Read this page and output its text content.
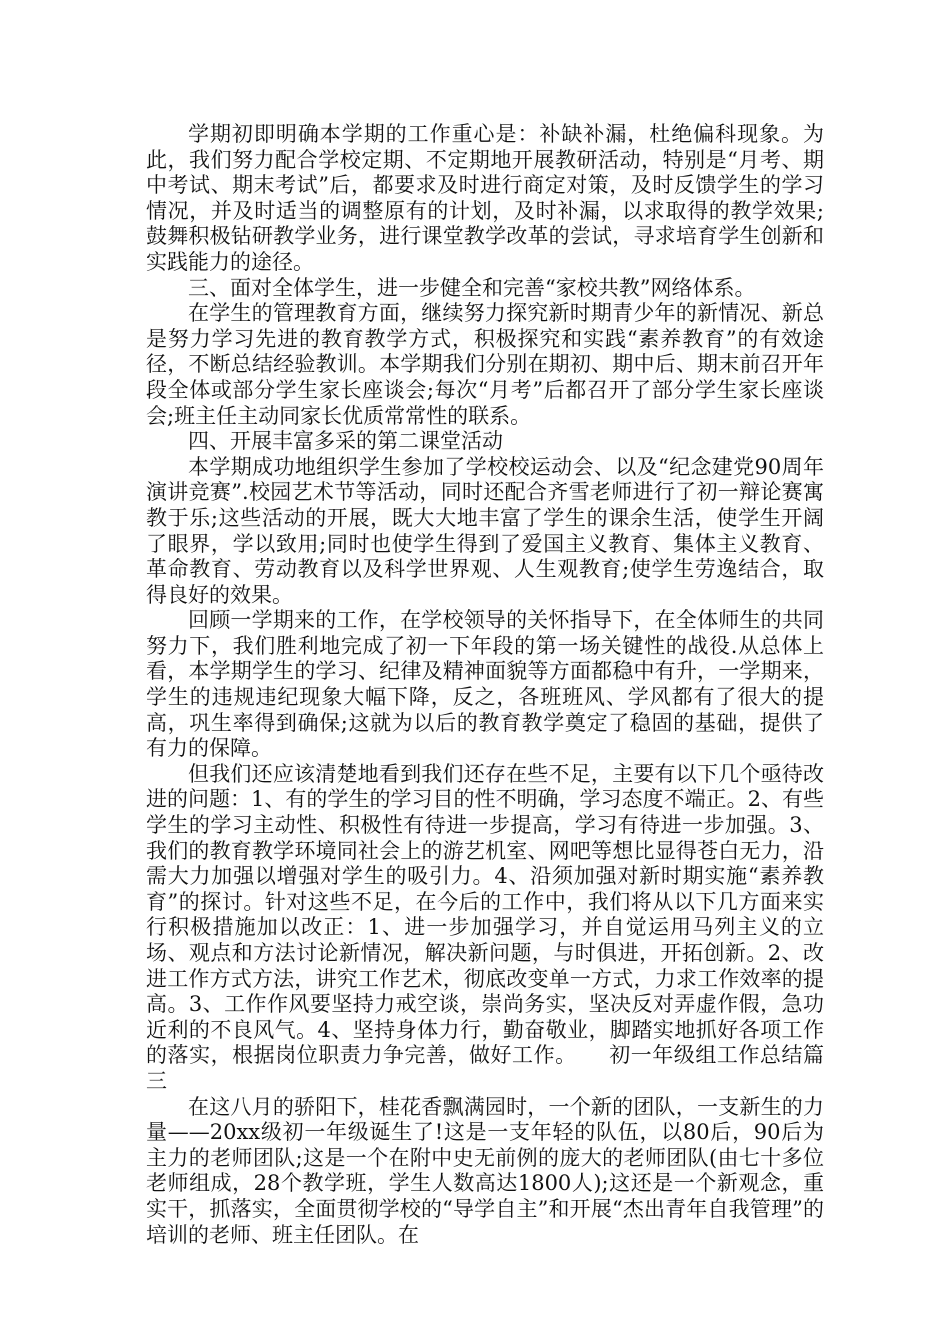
学期初即明确本学期的工作重心是：补缺补漏，杜绝偏科现象。为此，我们努力配合学校定期、不定期地开展教研活动，特别是“月考、期中考试、期末考试”后，都要求及时进行商定对策，及时反馈学生的学习情况，并及时适当的调整原有的计划，及时补漏，以求取得的教学效果;鼓舞积极钻研教学业务，进行课堂教学改革的尝试，寻求培育学生创新和实践能力的途径。

三、面对全体学生，进一步健全和完善“家校共教”网络体系。

在学生的管理教育方面，继续努力探究新时期青少年的新情况、新总是努力学习先进的教育教学方式，积极探究和实践“素养教育”的有效途径，不断总结经验教训。本学期我们分别在期初、期中后、期末前召开年段全体或部分学生家长座谈会;每次“月考”后都召开了部分学生家长座谈会;班主任主动同家长优质常常性的联系。

四、开展丰富多采的第二课堂活动

本学期成功地组织学生参加了学校校运动会、以及“纪念建党90周年演讲竞赛”.校园艺术节等活动，同时还配合齐雪老师进行了初一辩论赛寓教于乐;这些活动的开展，既大大地丰富了学生的课余生活，使学生开阔了眼界，学以致用;同时也使学生得到了爱国主义教育、集体主义教育、革命教育、劳动教育以及科学世界观、人生观教育;使学生劳逸结合，取得良好的效果。

回顾一学期来的工作，在学校领导的关怀指导下，在全体师生的共同努力下，我们胜利地完成了初一下年段的第一场关键性的战役.从总体上看，本学期学生的学习、纪律及精神面貌等方面都稳中有升，一学期来，学生的违规违纪现象大幅下降，反之，各班班风、学风都有了很大的提高，巩生率得到确保;这就为以后的教育教学奠定了稳固的基础，提供了有力的保障。

但我们还应该清楚地看到我们还存在些不足，主要有以下几个亟待改进的问题：1、有的学生的学习目的性不明确，学习态度不端正。2、有些学生的学习主动性、积极性有待进一步提高，学习有待进一步加强。3、我们的教育教学环境同社会上的游艺机室、网吧等想比显得苍白无力，沿需大力加强以增强对学生的吸引力。4、沿须加强对新时期实施“素养教育”的探讨。针对这些不足，在今后的工作中，我们将从以下几方面来实行积极措施加以改正：1、进一步加强学习，并自觉运用马列主义的立场、观点和方法讨论新情况，解决新问题，与时俱进，开拓创新。2、改进工作方式方法，讲究工作艺术，彻底改变单一方式，力求工作效率的提高。3、工作作风要坚持力戒空谈，崇尚务实，坚决反对弄虚作假，急功近利的不良风气。4、坚持身体力行，勤奋敬业，脚踏实地抓好各项工作的落实，根据岗位职责力争完善，做好工作。　　初一年级组工作总结篇三

在这八月的骄阳下，桂花香飘满园时，一个新的团队，一支新生的力量——20xx级初一年级诞生了!这是一支年轻的队伍，以80后，90后为主力的老师团队;这是一个在附中史无前例的庞大的老师团队(由七十多位老师组成，28个教学班，学生人数高达1800人);这还是一个新观念，重实干，抓落实，全面贯彻学校的“导学自主”和开展“杰出青年自我管理”的培训的老师、班主任团队。在
